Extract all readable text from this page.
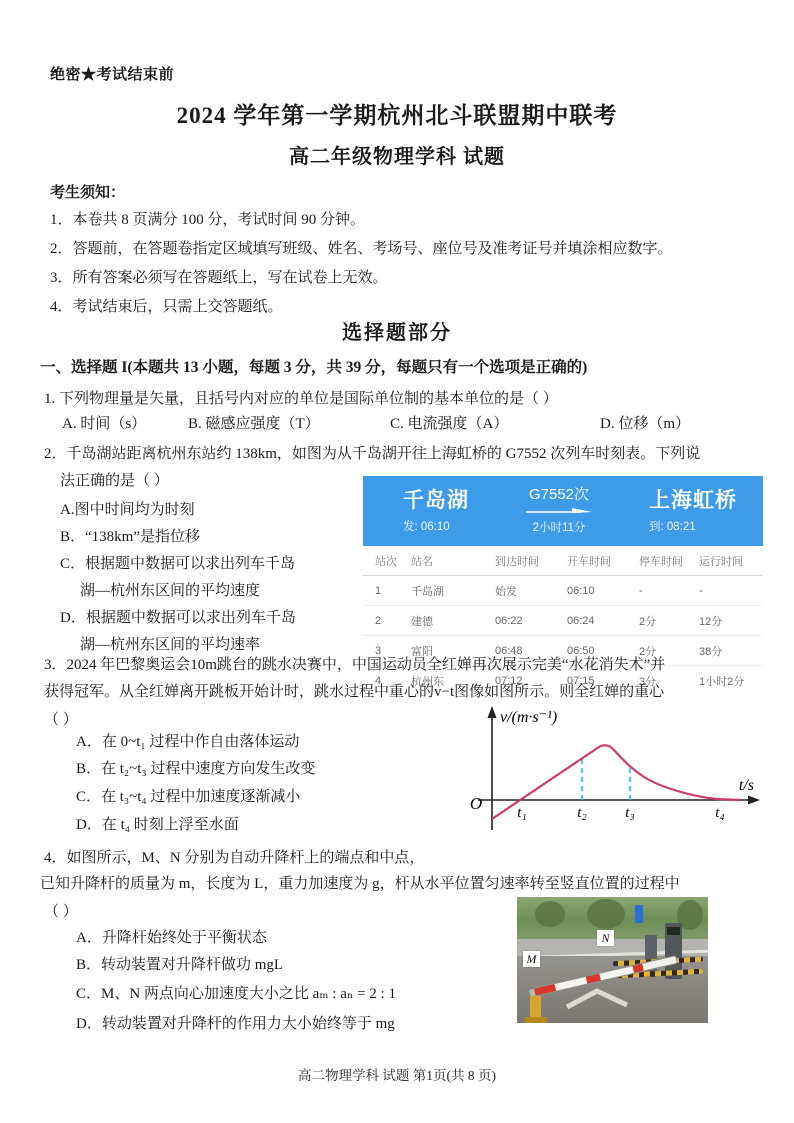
绝密★考试结束前
2024 学年第一学期杭州北斗联盟期中联考
高二年级物理学科 试题
考生须知：
1．本卷共 8 页满分 100 分，考试时间 90 分钟。
2．答题前，在答题卷指定区域填写班级、姓名、考场号、座位号及准考证号并填涂相应数字。
3．所有答案必须写在答题纸上，写在试卷上无效。
4．考试结束后，只需上交答题纸。
选择题部分
一、选择题 I(本题共 13 小题，每题 3 分，共 39 分，每题只有一个选项是正确的)
1. 下列物理量是矢量，且括号内对应的单位是国际单位制的基本单位的是（ ）
A. 时间（s）	B. 磁感应强度（T）	C. 电流强度（A）	D. 位移（m）
2．千岛湖站距离杭州东站约 138km，如图为从千岛湖开往上海虹桥的 G7552 次列车时刻表。下列说
法正确的是（ ）
A.图中时间均为时刻
B．“138km”是指位移
C．根据题中数据可以求出列车千岛
湖—杭州东区间的平均速度
D．根据题中数据可以求出列车千岛
湖—杭州东区间的平均速率
千岛湖
发: 06:10
G7552次
2小时11分
上海虹桥
到: 08:21
站次	站名	到达时间	开车时间	停车时间	运行时间
1	千岛湖	始发	06:10	-	-
2	建德	06:22	06:24	2分	12分
3	富阳	06:48	06:50	2分	38分
4	杭州东	07:12	07:15	3分	1小时2分
3．2024 年巴黎奥运会10m跳台的跳水决赛中，中国运动员全红婵再次展示完美“水花消失术”并
获得冠军。从全红婵离开跳板开始计时，跳水过程中重心的v−t图像如图所示。则全红婵的重心
（ ）
A．在 0~t₁ 过程中作自由落体运动
B．在 t₂~t₃ 过程中速度方向发生改变
C．在 t₃~t₄ 过程中加速度逐渐减小
D．在 t₄ 时刻上浮至水面
v/(m·s⁻¹)
t/s
O t₁	t₂	t₃	t₄
4．如图所示，M、N 分别为自动升降杆上的端点和中点，
已知升降杆的质量为 m，长度为 L，重力加速度为 g，杆从水平位置匀速率转至竖直位置的过程中
（ ）
A．升降杆始终处于平衡状态
B．转动装置对升降杆做功 mgL
C．M、N 两点向心加速度大小之比 aₘ : aₙ = 2 : 1
D．转动装置对升降杆的作用力大小始终等于 mg
M
N
高二物理学科 试题 第1页(共 8 页)
